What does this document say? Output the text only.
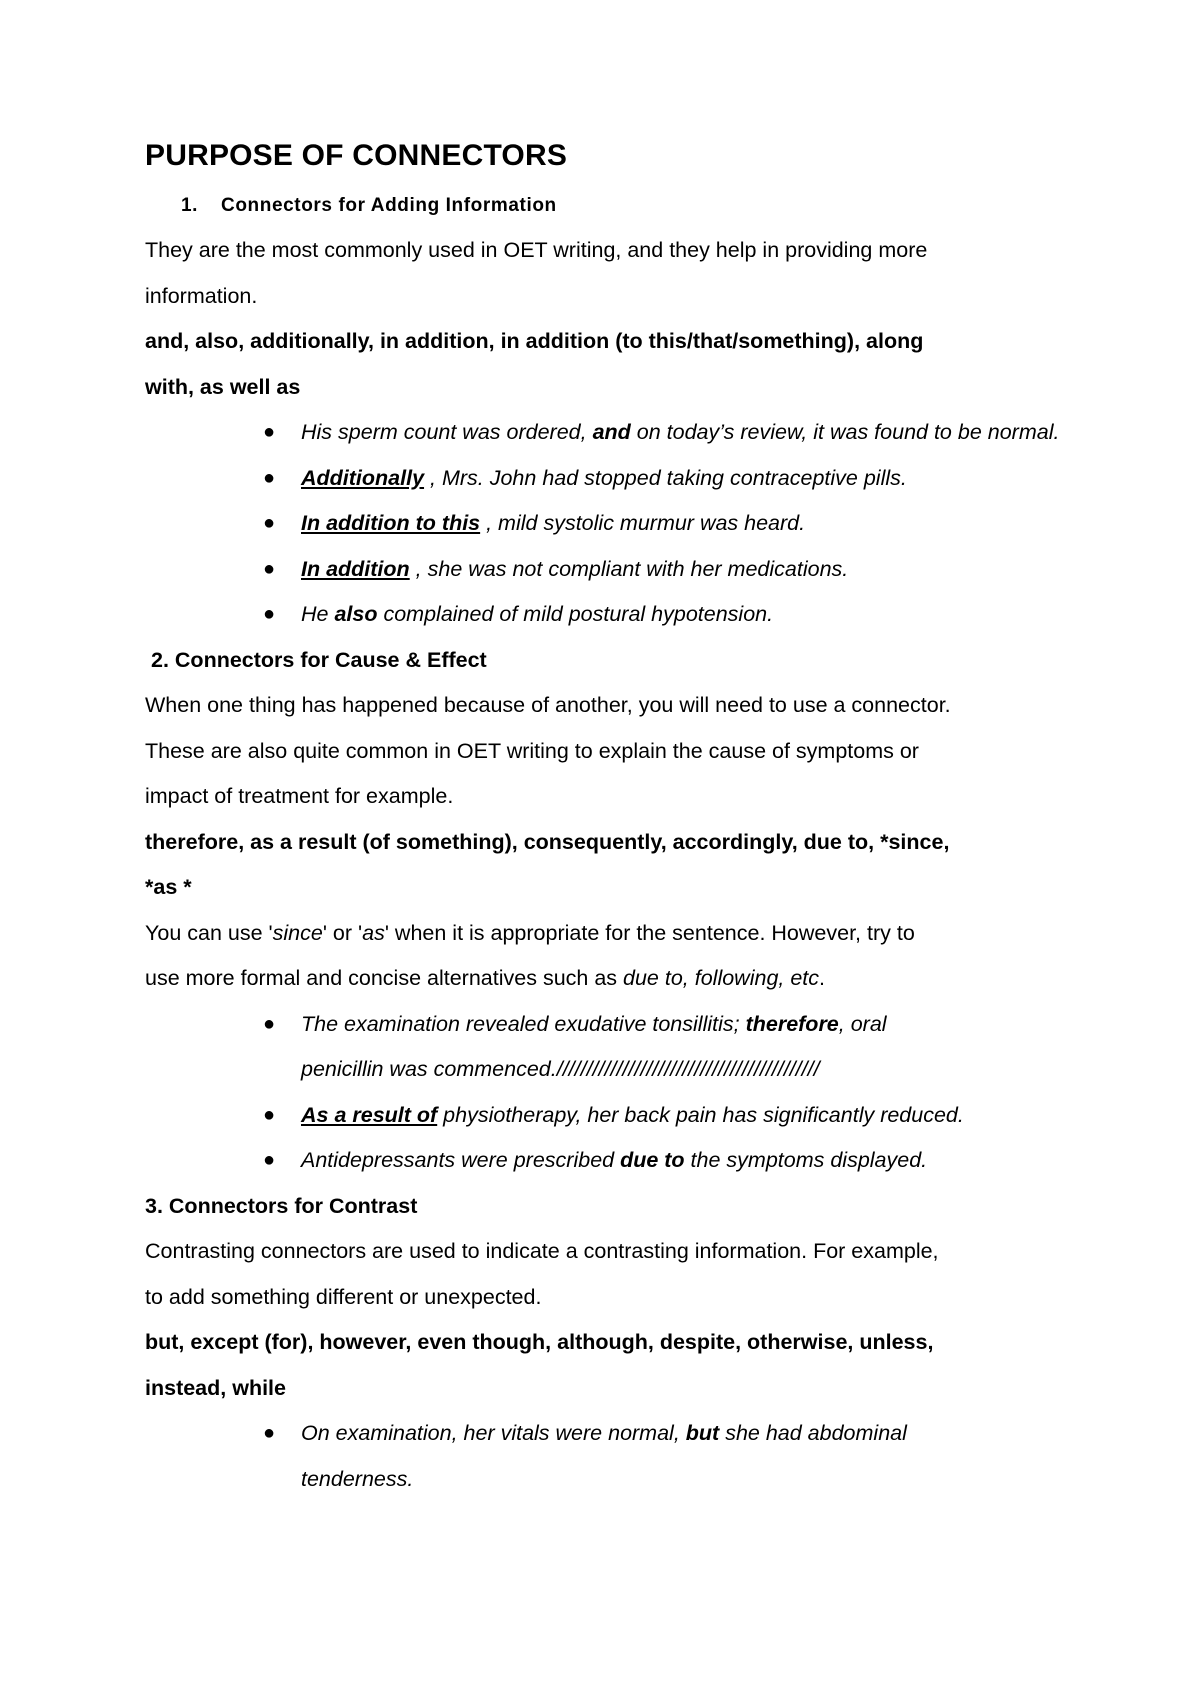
PURPOSE OF CONNECTORS
1. Connectors for Adding Information

They are the most commonly used in OET writing, and they help in providing more

information.

and, also, additionally, in addition, in addition (to this/that/something), along

with, as well as

● His sperm count was ordered, and on today’s review, it was found to be normal.
● Additionally , Mrs. John had stopped taking contraceptive pills.
● In addition to this , mild systolic murmur was heard.
● In addition , she was not compliant with her medications.
● He also complained of mild postural hypotension.

2. Connectors for Cause & Effect

When one thing has happened because of another, you will need to use a connector.

These are also quite common in OET writing to explain the cause of symptoms or

impact of treatment for example.

therefore, as a result (of something), consequently, accordingly, due to, *since,

*as *

You can use 'since' or 'as' when it is appropriate for the sentence. However, try to

use more formal and concise alternatives such as due to, following, etc.

● The examination revealed exudative tonsillitis; therefore, oral penicillin was commenced.////////////////////////////////////////////
● As a result of physiotherapy, her back pain has significantly reduced.
● Antidepressants were prescribed due to the symptoms displayed.

3. Connectors for Contrast

Contrasting connectors are used to indicate a contrasting information. For example,

to add something different or unexpected.

but, except (for), however, even though, although, despite, otherwise, unless,

instead, while

● On examination, her vitals were normal, but she had abdominal tenderness.
